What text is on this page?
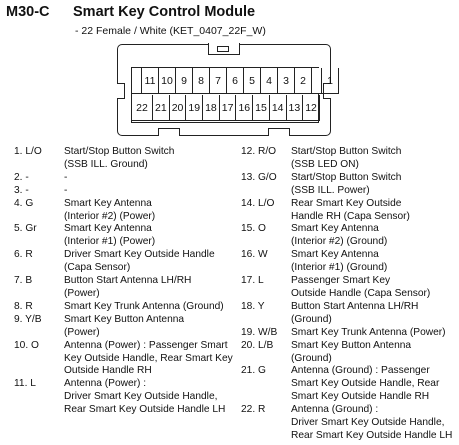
M30-C Smart Key Control Module
- 22 Female / White (KET_0407_22F_W)
11 10 9	8	7	6	5	4	3	2	1
22 21 20 19 18 17 16 15 14 13 12
1. L/O Start/Stop Button Switch
(SSB ILL. Ground)
2. -	-
3. -	-
4. G	Smart Key Antenna
(Interior #2) (Power)
5. Gr	Smart Key Antenna
(Interior #1) (Power)
6. R	Driver Smart Key Outside Handle
(Capa Sensor)
7. B	Button Start Antenna LH/RH
(Power)
8. R	Smart Key Trunk Antenna (Ground)
9. Y/B Smart Key Button Antenna
(Power)
10. O Antenna (Power) : Passenger Smart
Key Outside Handle, Rear Smart Key
Outside Handle RH
11. L	Antenna (Power) :
Driver Smart Key Outside Handle,
Rear Smart Key Outside Handle LH
12. R/O Start/Stop Button Switch
(SSB LED ON)
13. G/O Start/Stop Button Switch
(SSB ILL. Power)
14. L/O Rear Smart Key Outside
Handle RH (Capa Sensor)
15. O Smart Key Antenna
(Interior #2) (Ground)
16. W Smart Key Antenna
(Interior #1) (Ground)
17. L	Passenger Smart Key
Outside Handle (Capa Sensor)
18. Y	Button Start Antenna LH/RH
(Ground)
19. W/B Smart Key Trunk Antenna (Power)
20. L/B Smart Key Button Antenna
(Ground)
21. G Antenna (Ground) : Passenger
Smart Key Outside Handle, Rear
Smart Key Outside Handle RH
22. R	Antenna (Ground) :
Driver Smart Key Outside Handle,
Rear Smart Key Outside Handle LH
